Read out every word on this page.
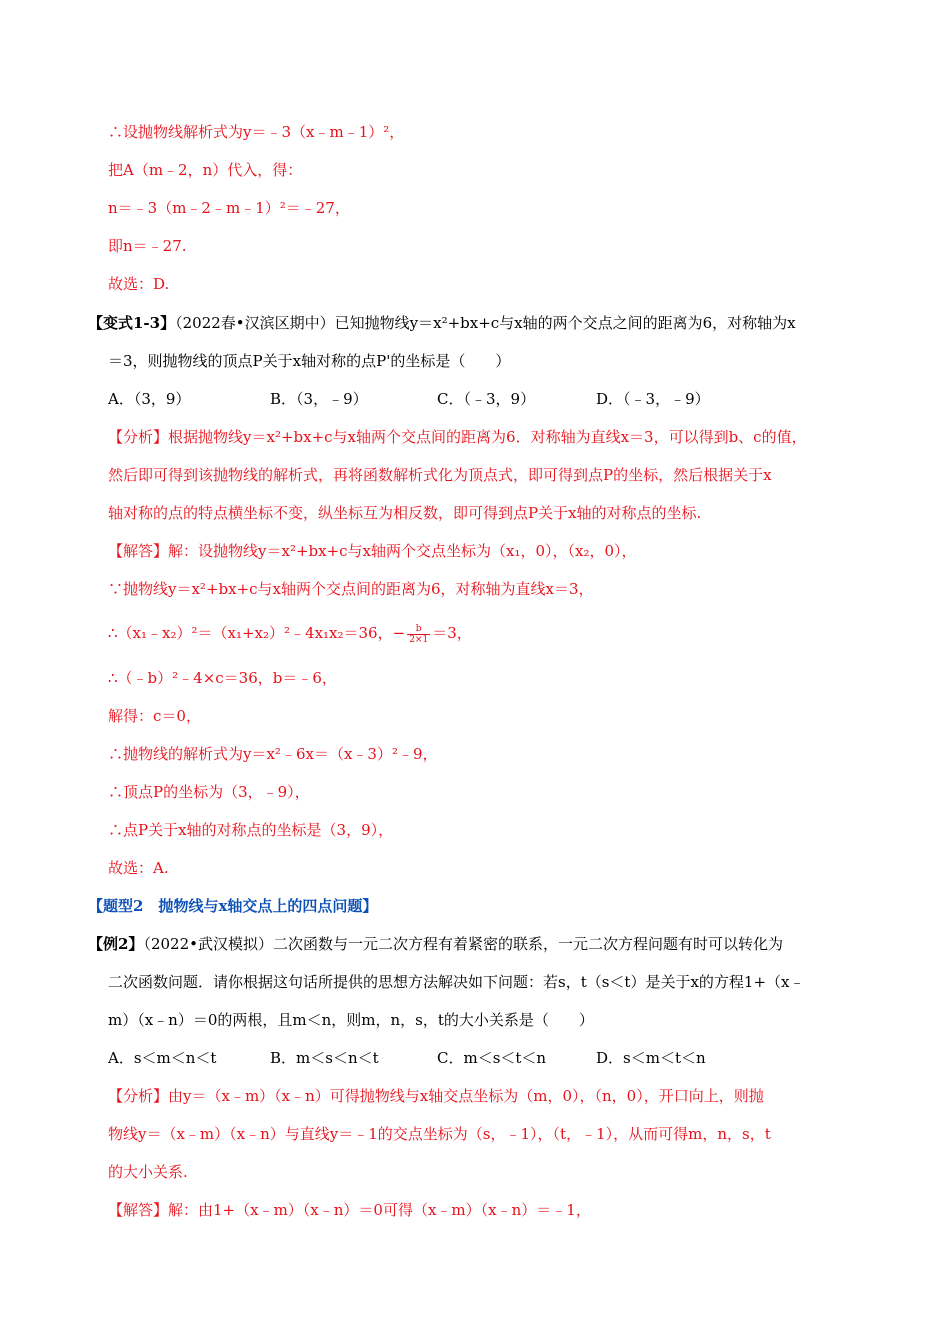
∴设抛物线解析式为y＝﹣3（x﹣m﹣1）²，
把A（m﹣2，n）代入，得：
n＝﹣3（m﹣2﹣m﹣1）²＝﹣27，
即n＝﹣27.
故选：D.
【变式1-3】（2022春•汉滨区期中）已知抛物线y＝x²+bx+c与x轴的两个交点之间的距离为6，对称轴为x
＝3，则抛物线的顶点P关于x轴对称的点P'的坐标是（　　）
A．（3，9）	B．（3，﹣9）	C．（﹣3，9）	D．（﹣3，﹣9）
【分析】根据抛物线y＝x²+bx+c与x轴两个交点间的距离为6．对称轴为直线x＝3，可以得到b、c的值，
然后即可得到该抛物线的解析式，再将函数解析式化为顶点式，即可得到点P的坐标，然后根据关于x
轴对称的点的特点横坐标不变，纵坐标互为相反数，即可得到点P关于x轴的对称点的坐标.
【解答】解：设抛物线y＝x²+bx+c与x轴两个交点坐标为（x₁，0），（x₂，0），
∵抛物线y＝x²+bx+c与x轴两个交点间的距离为6，对称轴为直线x＝3，
∴（x₁﹣x₂）²＝（x₁+x₂）²﹣4x₁x₂＝36，− $\frac{b}{2\times 1} =3$，
∴（﹣b）²﹣4×c＝36，b＝﹣6，
解得：c＝0，
∴抛物线的解析式为y＝x²﹣6x＝（x﹣3）²﹣9，
∴顶点P的坐标为（3，﹣9），
∴点P关于x轴的对称点的坐标是（3，9），
故选：A.
【题型2　抛物线与x轴交点上的四点问题】
【例2】（2022•武汉模拟）二次函数与一元二次方程有着紧密的联系，一元二次方程问题有时可以转化为
二次函数问题．请你根据这句话所提供的思想方法解决如下问题：若s，t（s＜t）是关于x的方程1+（x﹣
m）（x﹣n）＝0的两根，且m＜n，则m，n，s，t的大小关系是（　　）
A．s＜m＜n＜t	B．m＜s＜n＜t	C．m＜s＜t＜n	D．s＜m＜t＜n
【分析】由y＝（x﹣m）（x﹣n）可得抛物线与x轴交点坐标为（m，0），（n，0），开口向上，则抛
物线y＝（x﹣m）（x﹣n）与直线y＝﹣1的交点坐标为（s，﹣1），（t，﹣1），从而可得m，n，s，t
的大小关系.
【解答】解：由1+（x﹣m）（x﹣n）＝0可得（x﹣m）（x﹣n）＝﹣1，
